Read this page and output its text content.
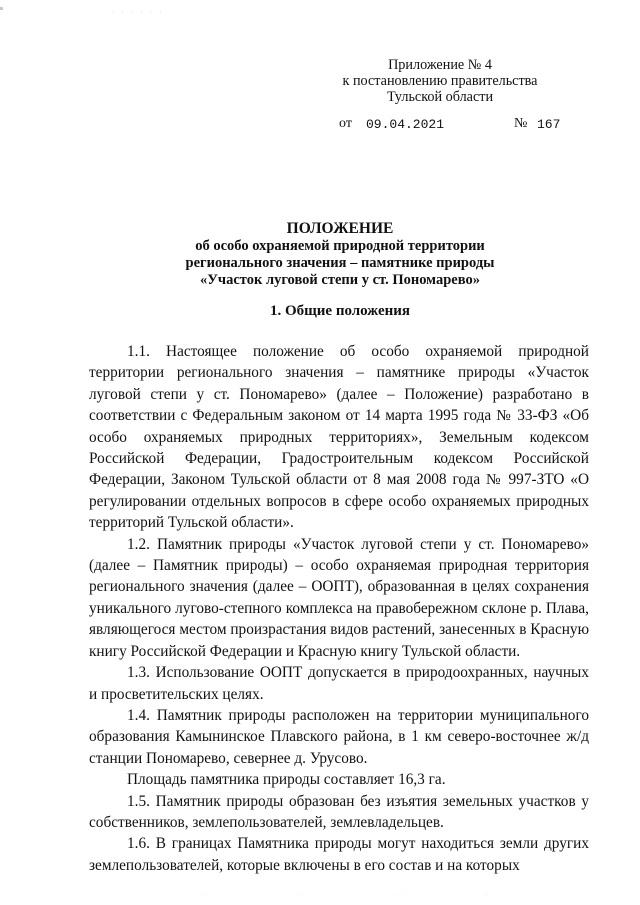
· · · · · ·
Приложение № 4
к постановлению правительства
Тульской области
от 09.04.2021	№ 167
ПОЛОЖЕНИЕ
об особо охраняемой природной территории
регионального значения – памятнике природы
«Участок луговой степи у ст. Пономарево»
1. Общие положения

1.1. Настоящее положение об особо охраняемой природной территории регионального значения – памятнике природы «Участок луговой степи у ст. Пономарево» (далее – Положение) разработано в соответствии с Федеральным законом от 14 марта 1995 года № 33-ФЗ «Об особо охраняемых природных территориях», Земельным кодексом Российской Федерации, Градостроительным кодексом Российской Федерации, Законом Тульской области от 8 мая 2008 года № 997-ЗТО «О регулировании отдельных вопросов в сфере особо охраняемых природных территорий Тульской области».

1.2. Памятник природы «Участок луговой степи у ст. Пономарево» (далее – Памятник природы) – особо охраняемая природная территория регионального значения (далее – ООПТ), образованная в целях сохранения уникального лугово-степного комплекса на правобережном склоне р. Плава, являющегося местом произрастания видов растений, занесенных в Красную книгу Российской Федерации и Красную книгу Тульской области.

1.3. Использование ООПТ допускается в природоохранных, научных и просветительских целях.

1.4. Памятник природы расположен на территории муниципального образования Камынинское Плавского района, в 1 км северо-восточнее ж/д станции Пономарево, севернее д. Урусово.

Площадь памятника природы составляет 16,3 га.

1.5. Памятник природы образован без изъятия земельных участков у собственников, землепользователей, землевладельцев.

1.6. В границах Памятника природы могут находиться земли других землепользователей, которые включены в его состав и на которых

· ·	· ·	· ·	· ·
